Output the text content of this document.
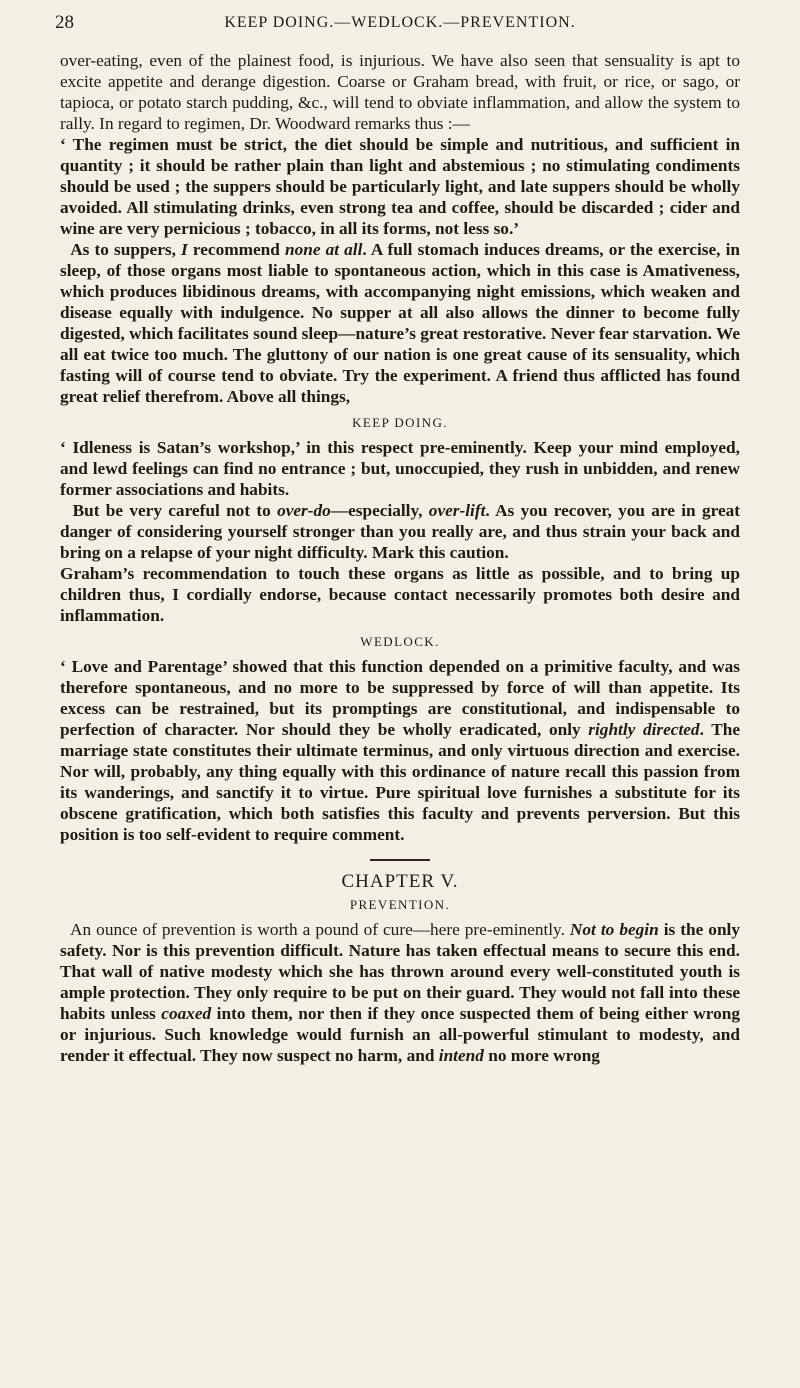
28	KEEP DOING.—WEDLOCK.—PREVENTION.

over-eating, even of the plainest food, is injurious. We have also seen that sensuality is apt to excite appetite and derange digestion. Coarse or Graham bread, with fruit, or rice, or sago, or tapioca, or potato starch pudding, &c., will tend to obviate inflammation, and allow the system to rally. In regard to regimen, Dr. Woodward remarks thus :—

‘ The regimen must be strict, the diet should be simple and nutritious, and sufficient in quantity ; it should be rather plain than light and abstemious ; no stimulating condiments should be used ; the suppers should be particularly light, and late suppers should be wholly avoided. All stimulating drinks, even strong tea and coffee, should be discarded ; cider and wine are very pernicious ; tobacco, in all its forms, not less so.’

As to suppers, I recommend none at all. A full stomach induces dreams, or the exercise, in sleep, of those organs most liable to spontaneous action, which in this case is Amativeness, which produces libidinous dreams, with accompanying night emissions, which weaken and disease equally with indulgence. No supper at all also allows the dinner to become fully digested, which facilitates sound sleep—nature’s great restorative. Never fear starvation. We all eat twice too much. The gluttony of our nation is one great cause of its sensuality, which fasting will of course tend to obviate. Try the experiment. A friend thus afflicted has found great relief therefrom. Above all things,

KEEP DOING.

‘ Idleness is Satan’s workshop,’ in this respect pre-eminently. Keep your mind employed, and lewd feelings can find no entrance ; but, unoccupied, they rush in unbidden, and renew former associations and habits.

But be very careful not to over-do—especially, over-lift. As you recover, you are in great danger of considering yourself stronger than you really are, and thus strain your back and bring on a relapse of your night difficulty. Mark this caution.

Graham’s recommendation to touch these organs as little as possible, and to bring up children thus, I cordially endorse, because contact necessarily promotes both desire and inflammation.

WEDLOCK.

‘ Love and Parentage’ showed that this function depended on a primitive faculty, and was therefore spontaneous, and no more to be suppressed by force of will than appetite. Its excess can be restrained, but its promptings are constitutional, and indispensable to perfection of character. Nor should they be wholly eradicated, only rightly directed. The marriage state constitutes their ultimate terminus, and only virtuous direction and exercise. Nor will, probably, any thing equally with this ordinance of nature recall this passion from its wanderings, and sanctify it to virtue. Pure spiritual love furnishes a substitute for its obscene gratification, which both satisfies this faculty and prevents perversion. But this position is too self-evident to require comment.

CHAPTER V.
PREVENTION.

An ounce of prevention is worth a pound of cure—here pre-eminently. Not to begin is the only safety. Nor is this prevention difficult. Nature has taken effectual means to secure this end. That wall of native modesty which she has thrown around every well-constituted youth is ample protection. They only require to be put on their guard. They would not fall into these habits unless coaxed into them, nor then if they once suspected them of being either wrong or injurious. Such knowledge would furnish an all-powerful stimulant to modesty, and render it effectual. They now suspect no harm, and intend no more wrong
